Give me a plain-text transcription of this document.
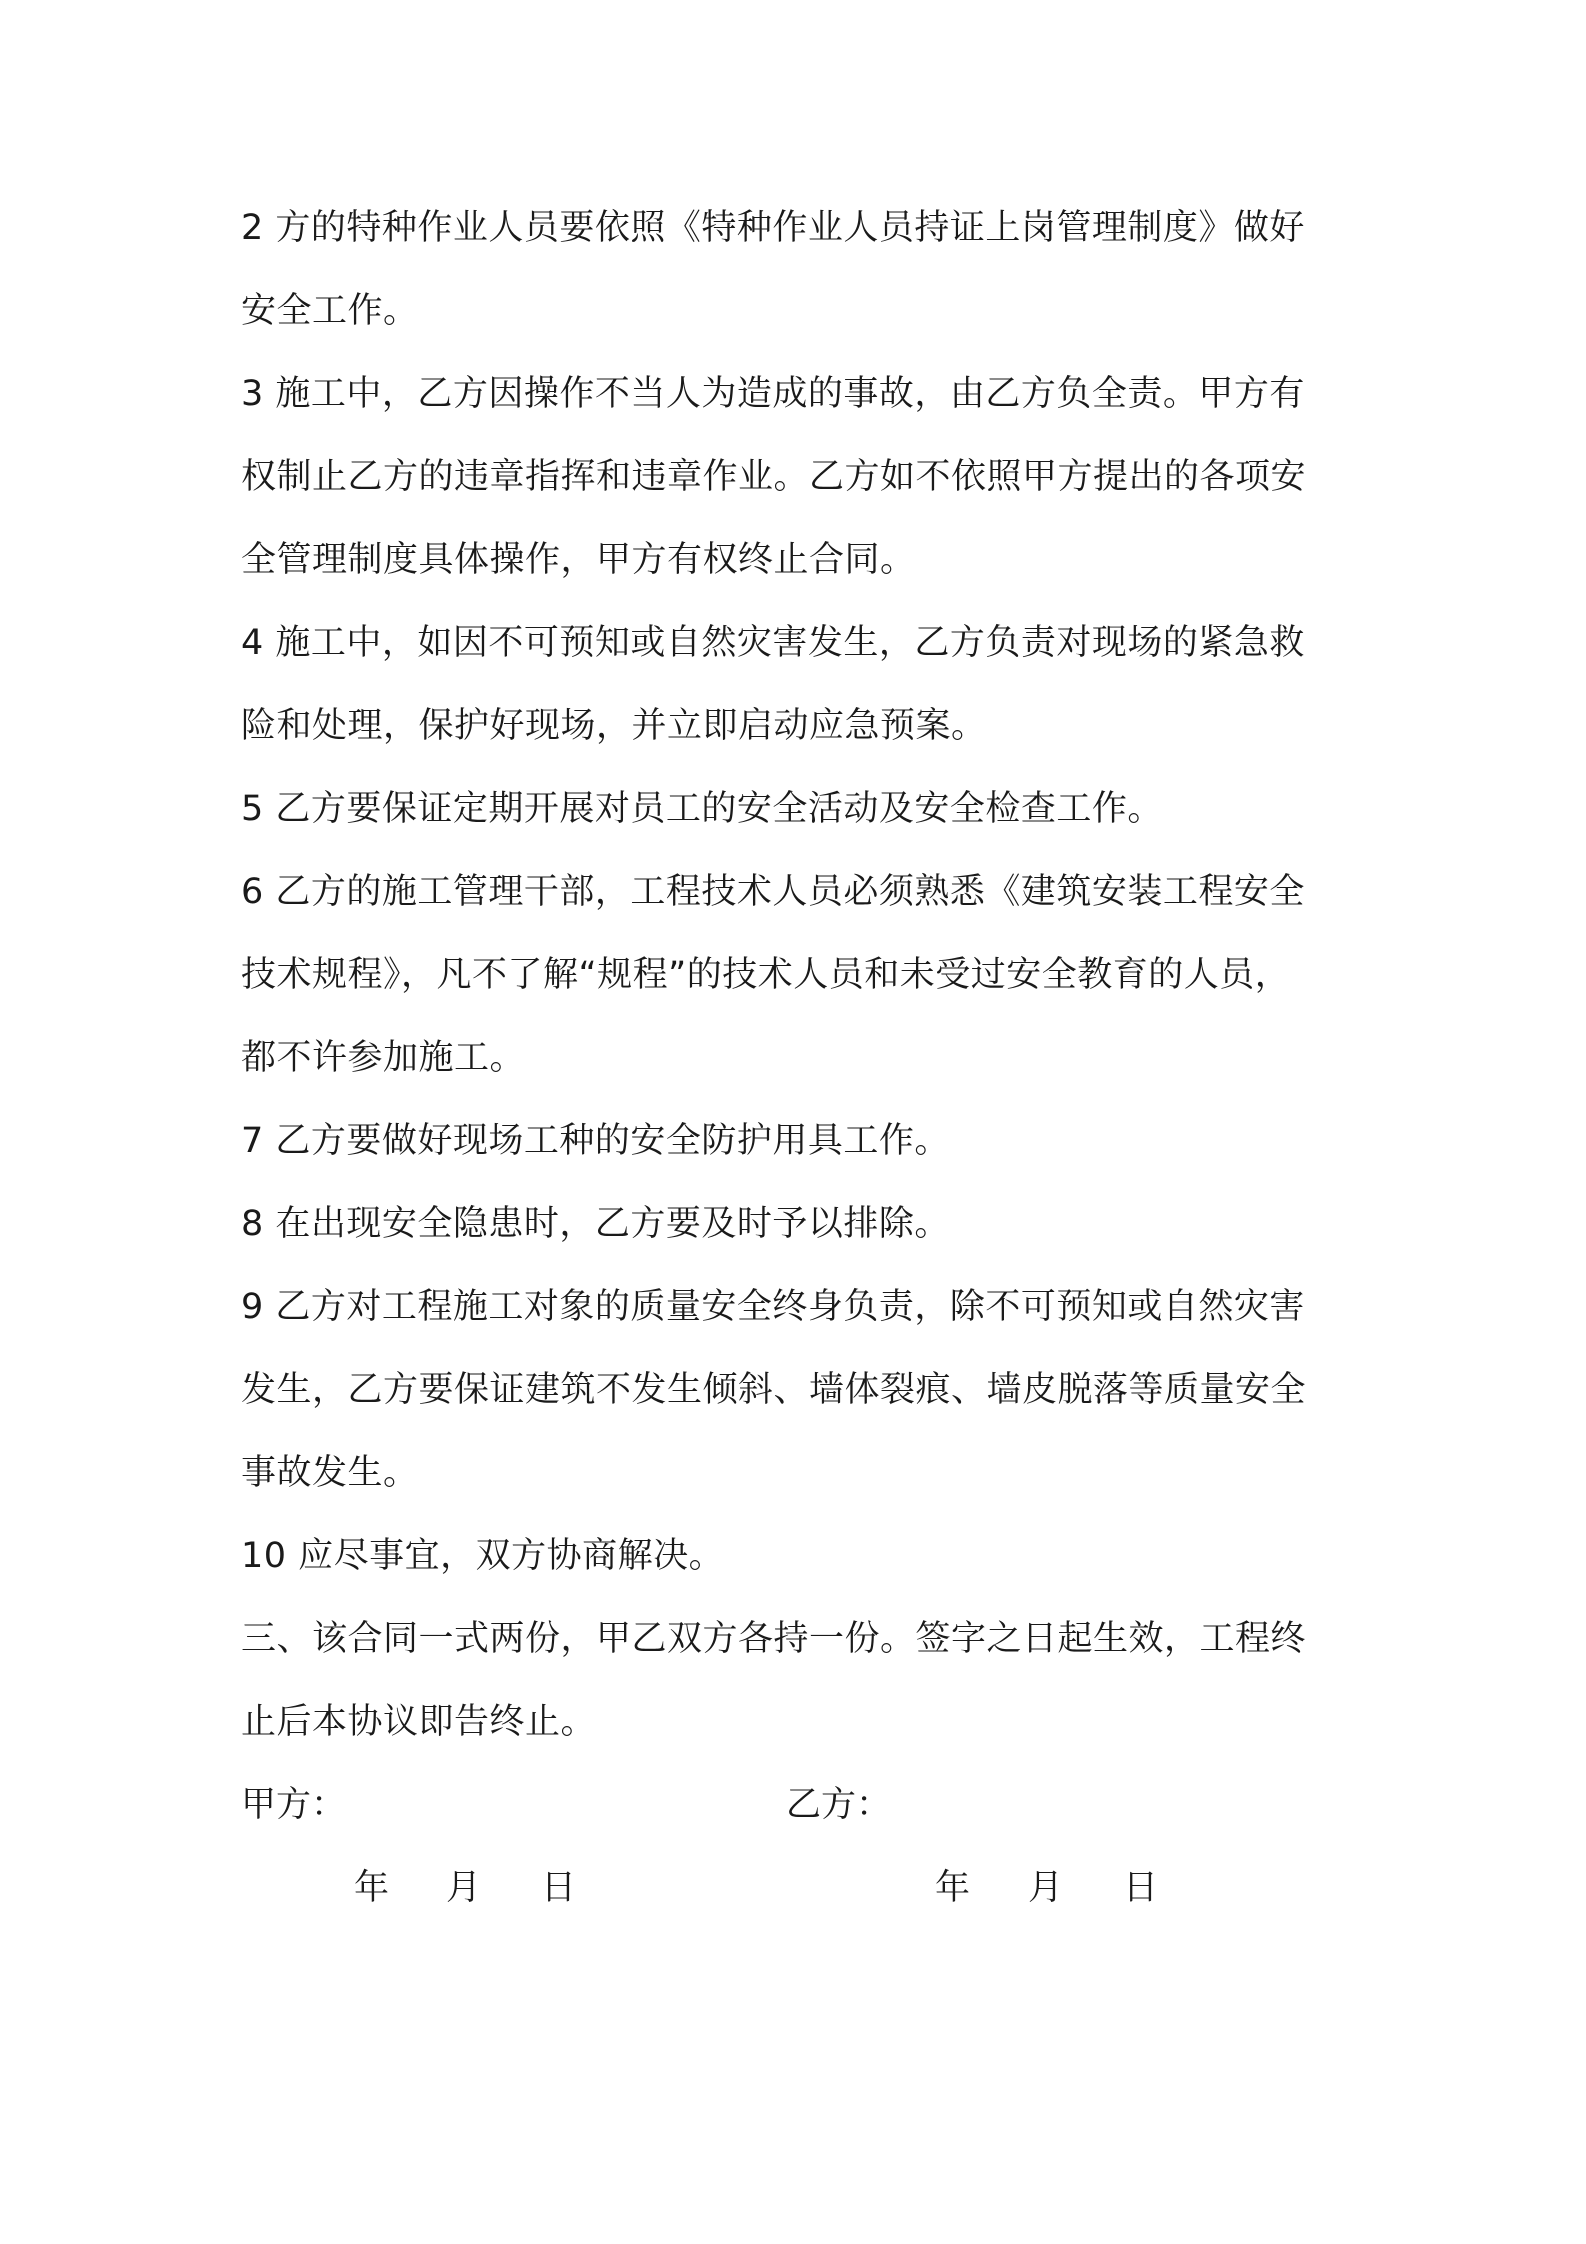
2 方的特种作业人员要依照《特种作业人员持证上岗管理制度》做好
安全工作。
3 施工中，乙方因操作不当人为造成的事故，由乙方负全责。甲方有
权制止乙方的违章指挥和违章作业。乙方如不依照甲方提出的各项安
全管理制度具体操作，甲方有权终止合同。
4 施工中，如因不可预知或自然灾害发生，乙方负责对现场的紧急救
险和处理，保护好现场，并立即启动应急预案。
5 乙方要保证定期开展对员工的安全活动及安全检查工作。
6 乙方的施工管理干部，工程技术人员必须熟悉《建筑安装工程安全
技术规程》，凡不了解“规程”的技术人员和未受过安全教育的人员，
都不许参加施工。
7 乙方要做好现场工种的安全防护用具工作。
8 在出现安全隐患时，乙方要及时予以排除。
9 乙方对工程施工对象的质量安全终身负责，除不可预知或自然灾害
发生，乙方要保证建筑不发生倾斜、墙体裂痕、墙皮脱落等质量安全
事故发生。
10 应尽事宜，双方协商解决。
三、该合同一式两份，甲乙双方各持一份。签字之日起生效，工程终
止后本协议即告终止。
甲方：	乙方：
年 月 日	年 月 日
